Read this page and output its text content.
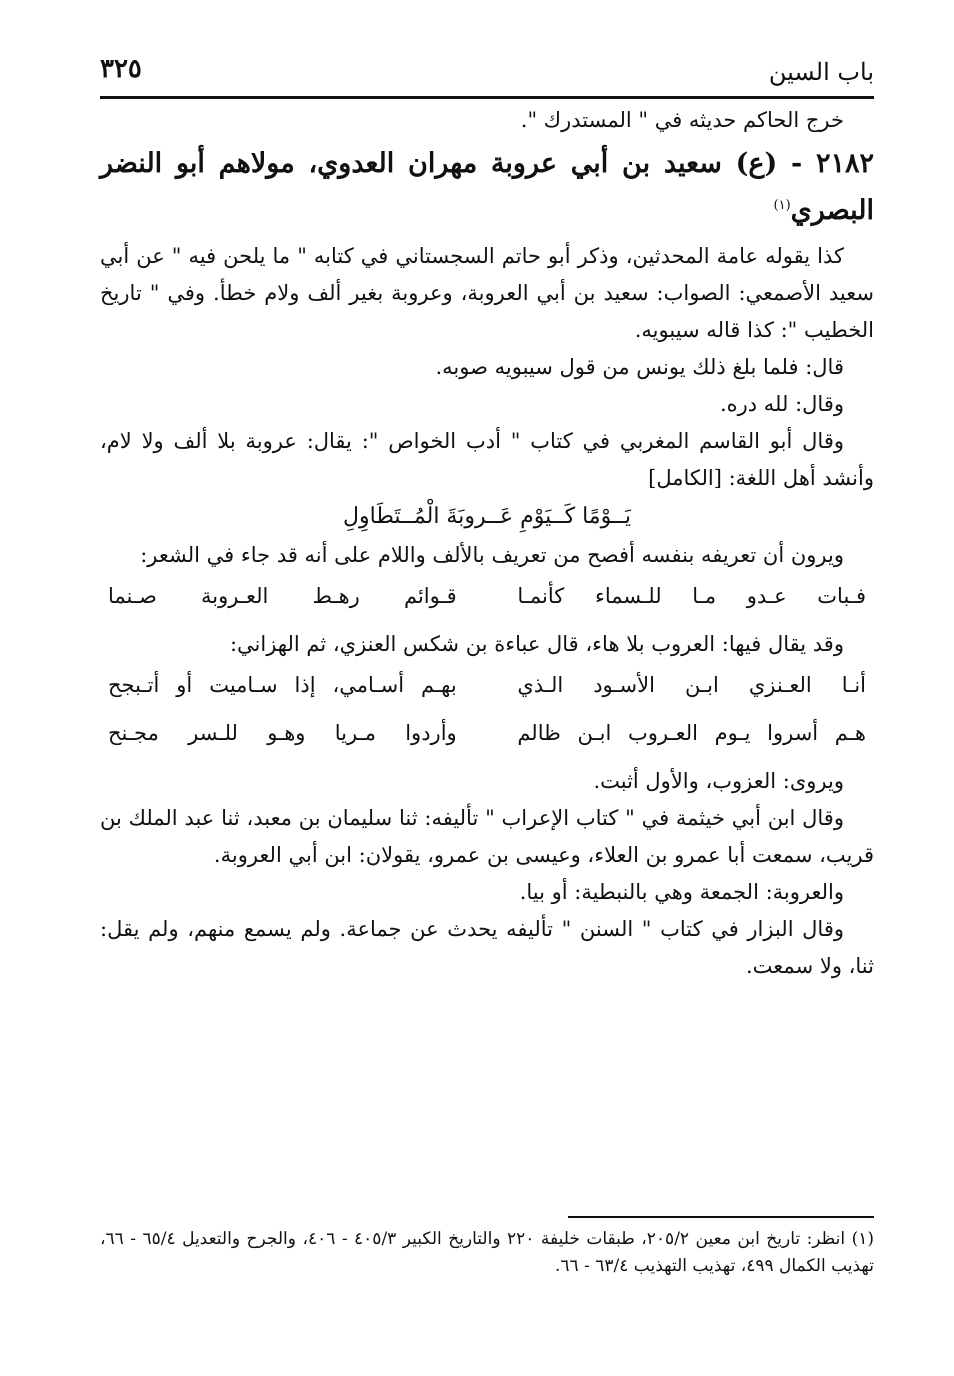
باب السين
٣٢٥

خرج الحاكم حديثه في " المستدرك ".

٢١٨٢ - (ع) سعيد بن أبي عروبة مهران العدوي، مولاهم أبو النضر البصري$^{(١)}$

كذا يقوله عامة المحدثين، وذكر أبو حاتم السجستاني في كتابه " ما يلحن فيه " عن أبي سعيد الأصمعي: الصواب: سعيد بن أبي العروبة، وعروبة بغير ألف ولام خطأ. وفي " تاريخ الخطيب ": كذا قاله سيبويه.

قال: فلما بلغ ذلك يونس من قول سيبويه صوبه.

وقال: لله دره.

وقال أبو القاسم المغربي في كتاب " أدب الخواص ": يقال: عروبة بلا ألف ولا لام، وأنشد أهل اللغة: [الكامل]

يَــوْمًا كَــيَوْمِ عَــروبَةَ الْمُــتَطَاوِلِ

ويرون أن تعريفه بنفسه أفصح من تعريف بالألف واللام على أنه قد جاء في الشعر:

فـبات عـدو مـا للـسماء كأنمـا
قـوائم رهـط العـروبة صـنما

وقد يقال فيها: العروب بلا هاء، قال عباءة بن شكس العنزي، ثم الهزاني:

أنـا العـنزي ابـن الأسـود الـذي
بهـم أسـامي، إذا سـاميت أو أتـبجح
هـم أسروا يـوم العـروب ابـن ظالم
وأردوا مـريا وهـو للـسر مجـنح

ويروى: العزوب، والأول أثبت.

وقال ابن أبي خيثمة في " كتاب الإعراب " تأليفه: ثنا سليمان بن معبد، ثنا عبد الملك بن قريب، سمعت أبا عمرو بن العلاء، وعيسى بن عمرو، يقولان: ابن أبي العروبة.

والعروبة: الجمعة وهي بالنبطية: أو بيا.

وقال البزار في كتاب " السنن " تأليفه يحدث عن جماعة. ولم يسمع منهم، ولم يقل: ثنا، ولا سمعت.

(١) انظر: تاريخ ابن معين ٢٠٥/٢، طبقات خليفة ٢٢٠ والتاريخ الكبير ٤٠٥/٣ - ٤٠٦، والجرح والتعديل ٦٥/٤ - ٦٦، تهذيب الكمال ٤٩٩، تهذيب التهذيب ٦٣/٤ - ٦٦.
